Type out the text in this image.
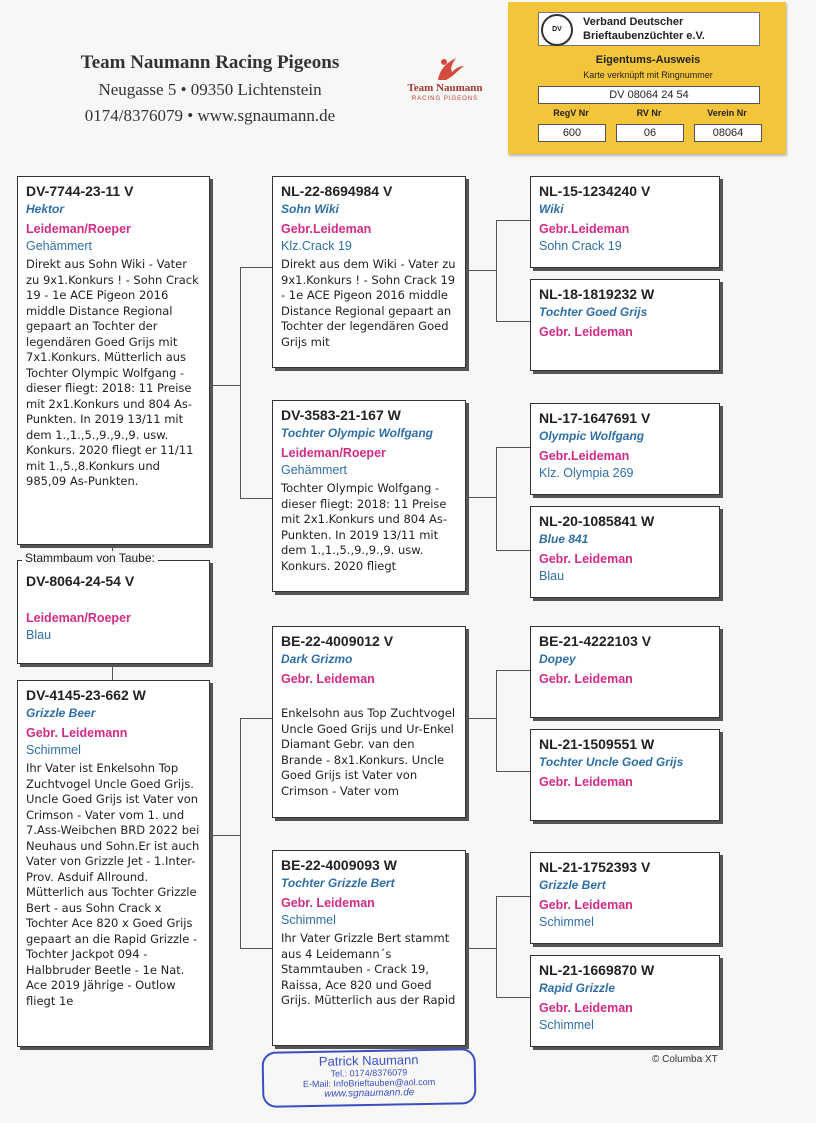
Team Naumann Racing Pigeons
Neugasse 5 • 09350 Lichtenstein
0174/8376079 • www.sgnaumann.de
Team Naumann
RACING PIGEONS
DV
Verband Deutscher
Brieftaubenzüchter e.V.
Eigentums-Ausweis
Karte verknüpft mit Ringnummer
DV 08064 24 54
RegV Nr	RV Nr	Verein Nr
600	06	08064
DV-7744-23-11 V
Hektor
Leideman/Roeper
Gehämmert
Direkt aus Sohn Wiki - Vater zu 9x1.Konkurs ! - Sohn Crack 19 - 1e ACE Pigeon 2016 middle Distance Regional gepaart an Tochter der legendären Goed Grijs mit 7x1.Konkurs. Mütterlich aus Tochter Olympic Wolfgang - dieser fliegt: 2018: 11 Preise mit 2x1.Konkurs und 804 As-Punkten. In 2019 13/11 mit dem 1.,1.,5.,9.,9.,9. usw. Konkurs. 2020 fliegt er 11/11 mit 1.,5.,8.Konkurs und 985,09 As-Punkten.
DV-8064-24-54 V
Leideman/Roeper
Blau
Stammbaum von Taube:
DV-4145-23-662 W
Grizzle Beer
Gebr. Leidemann
Schimmel
Ihr Vater ist Enkelsohn Top Zuchtvogel Uncle Goed Grijs. Uncle Goed Grijs ist Vater von Crimson - Vater vom 1. und 7.Ass-Weibchen BRD 2022 bei Neuhaus und Sohn.Er ist auch Vater von Grizzle Jet - 1.Inter-Prov. Asduif Allround. Mütterlich aus Tochter Grizzle Bert - aus Sohn Crack x Tochter Ace 820 x Goed Grijs gepaart an die Rapid Grizzle - Tochter Jackpot 094 - Halbbruder Beetle - 1e Nat. Ace 2019 Jährige - Outlow fliegt 1e
NL-22-8694984 V
Sohn Wiki
Gebr.Leideman
Klz.Crack 19
Direkt aus dem Wiki - Vater zu 9x1.Konkurs ! - Sohn Crack 19 - 1e ACE Pigeon 2016 middle Distance Regional gepaart an Tochter der legendären Goed Grijs mit
DV-3583-21-167 W
Tochter Olympic Wolfgang
Leideman/Roeper
Gehämmert
Tochter Olympic Wolfgang - dieser fliegt: 2018: 11 Preise mit 2x1.Konkurs und 804 As-Punkten. In 2019 13/11 mit dem 1.,1.,5.,9.,9.,9. usw. Konkurs. 2020 fliegt
BE-22-4009012 V
Dark Grizmo
Gebr. Leideman
Enkelsohn aus Top Zuchtvogel Uncle Goed Grijs und Ur-Enkel Diamant Gebr. van den Brande - 8x1.Konkurs. Uncle Goed Grijs ist Vater von Crimson - Vater vom
BE-22-4009093 W
Tochter Grizzle Bert
Gebr. Leideman
Schimmel
Ihr Vater Grizzle Bert stammt aus 4 Leidemann´s Stammtauben - Crack 19, Raissa, Ace 820 und Goed Grijs. Mütterlich aus der Rapid
NL-15-1234240 V
Wiki
Gebr.Leideman
Sohn Crack 19
NL-18-1819232 W
Tochter Goed Grijs
Gebr. Leideman
NL-17-1647691 V
Olympic Wolfgang
Gebr.Leideman
Klz. Olympia 269
NL-20-1085841 W
Blue 841
Gebr. Leideman
Blau
BE-21-4222103 V
Dopey
Gebr. Leideman
NL-21-1509551 W
Tochter Uncle Goed Grijs
Gebr. Leideman
NL-21-1752393 V
Grizzle Bert
Gebr. Leideman
Schimmel
NL-21-1669870 W
Rapid Grizzle
Gebr. Leideman
Schimmel
Patrick Naumann
Tel.: 0174/8376079
E-Mail: InfoBrieftauben@aol.com
www.sgnaumann.de
© Columba XT
